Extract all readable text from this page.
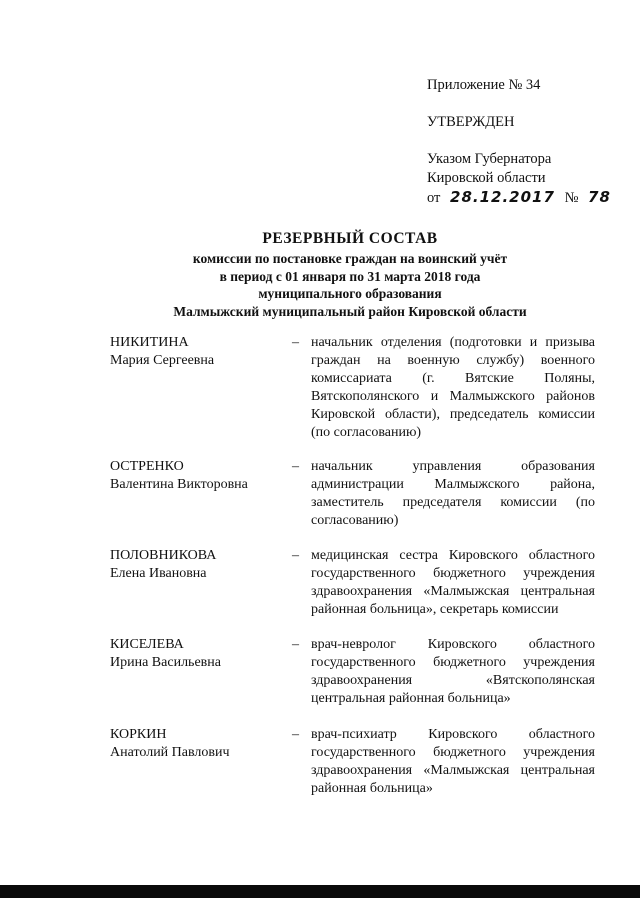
Приложение № 34
УТВЕРЖДЕН
Указом Губернатора
Кировской области
от 28.12.2017 № 78
РЕЗЕРВНЫЙ СОСТАВ
комиссии по постановке граждан на воинский учёт
в период с 01 января по 31 марта 2018 года
муниципального образования
Малмыжский муниципальный район Кировской области
НИКИТИНА
Мария Сергеевна
– начальник отделения (подготовки и призыва граждан на военную службу) военного комиссариата (г. Вятские Поляны, Вятскополянского и Малмыжского районов Кировской области), председатель комиссии (по согласованию)
ОСТРЕНКО
Валентина Викторовна
– начальник управления образования администрации Малмыжского района, заместитель председателя комиссии (по согласованию)
ПОЛОВНИКОВА
Елена Ивановна
– медицинская сестра Кировского областного государственного бюджетного учреждения здравоохранения «Малмыжская центральная районная больница», секретарь комиссии
КИСЕЛЕВА
Ирина Васильевна
– врач-невролог Кировского областного государственного бюджетного учреждения здравоохранения «Вятскополянская центральная районная больница»
КОРКИН
Анатолий Павлович
– врач-психиатр Кировского областного государственного бюджетного учреждения здравоохранения «Малмыжская центральная районная больница»
